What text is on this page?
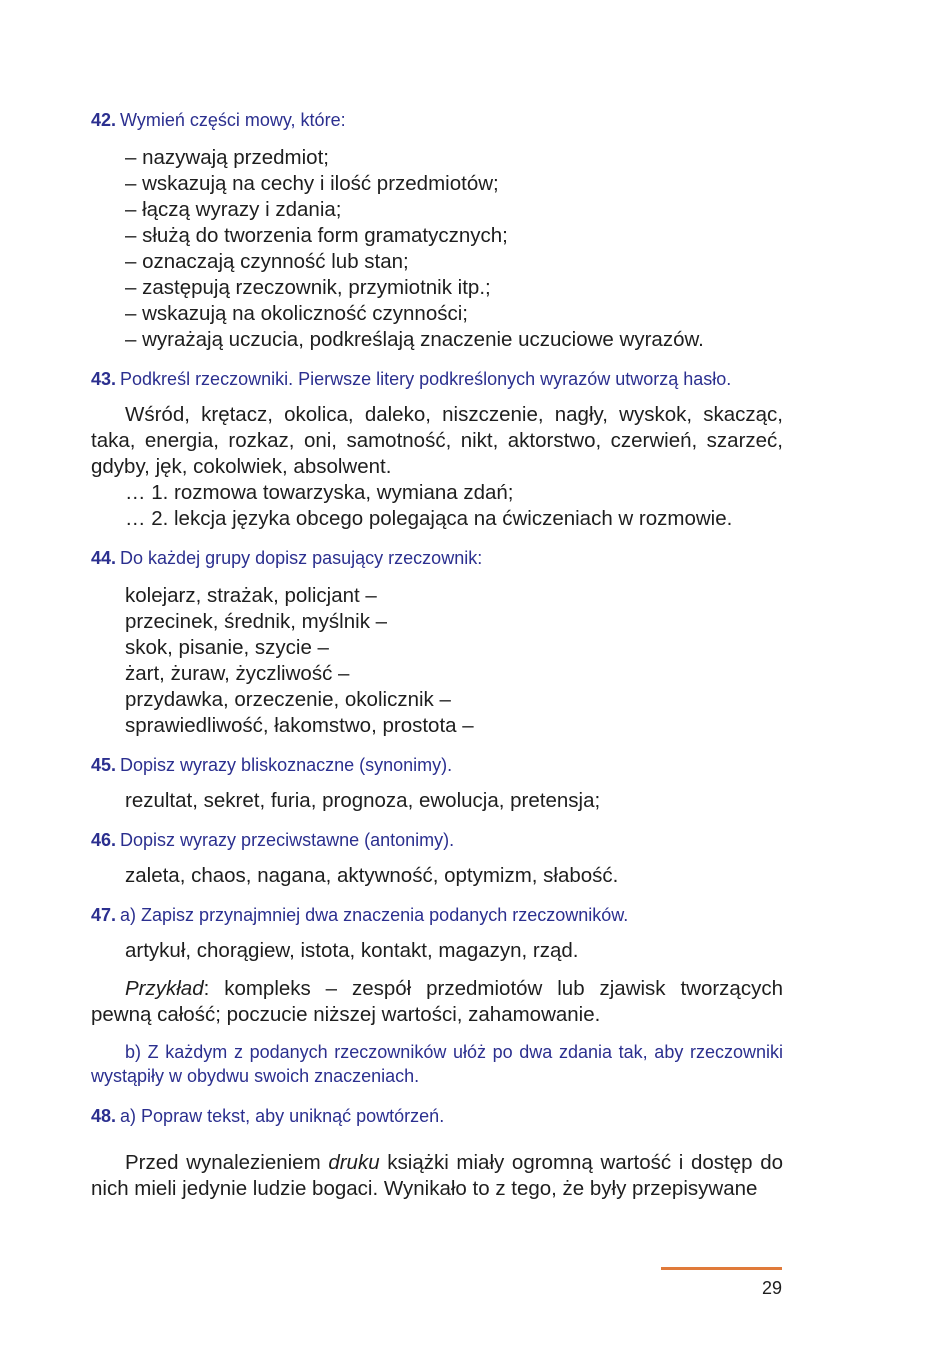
42. Wymień części mowy, które:
– nazywają przedmiot;
– wskazują na cechy i ilość przedmiotów;
– łączą wyrazy i zdania;
– służą do tworzenia form gramatycznych;
– oznaczają czynność lub stan;
– zastępują rzeczownik, przymiotnik itp.;
– wskazują na okoliczność czynności;
– wyrażają uczucia, podkreślają znaczenie uczuciowe wyrazów.
43. Podkreśl rzeczowniki. Pierwsze litery podkreślonych wyrazów utworzą hasło.
Wśród, krętacz, okolica, daleko, niszczenie, nagły, wyskok, skacząc, taka, energia, rozkaz, oni, samotność, nikt, aktorstwo, czerwień, szarzeć, gdyby, jęk, cokolwiek, absolwent.
… 1. rozmowa towarzyska, wymiana zdań;
… 2. lekcja języka obcego polegająca na ćwiczeniach w rozmowie.
44. Do każdej grupy dopisz pasujący rzeczownik:
kolejarz, strażak, policjant –
przecinek, średnik, myślnik –
skok, pisanie, szycie –
żart, żuraw, życzliwość –
przydawka, orzeczenie, okolicznik –
sprawiedliwość, łakomstwo, prostota –
45. Dopisz wyrazy bliskoznaczne (synonimy).
rezultat, sekret, furia, prognoza, ewolucja, pretensja;
46. Dopisz wyrazy przeciwstawne (antonimy).
zaleta, chaos, nagana, aktywność, optymizm, słabość.
47. a) Zapisz przynajmniej dwa znaczenia podanych rzeczowników.
artykuł, chorągiew, istota, kontakt, magazyn, rząd.
Przykład: kompleks – zespół przedmiotów lub zjawisk tworzących pewną całość; poczucie niższej wartości, zahamowanie.
b) Z każdym z podanych rzeczowników ułóż po dwa zdania tak, aby rzeczowniki wystąpiły w obydwu swoich znaczeniach.
48. a) Popraw tekst, aby uniknąć powtórzeń.
Przed wynalezieniem druku książki miały ogromną wartość i dostęp do nich mieli jedynie ludzie bogaci. Wynikało to z tego, że były przepisywane
29
